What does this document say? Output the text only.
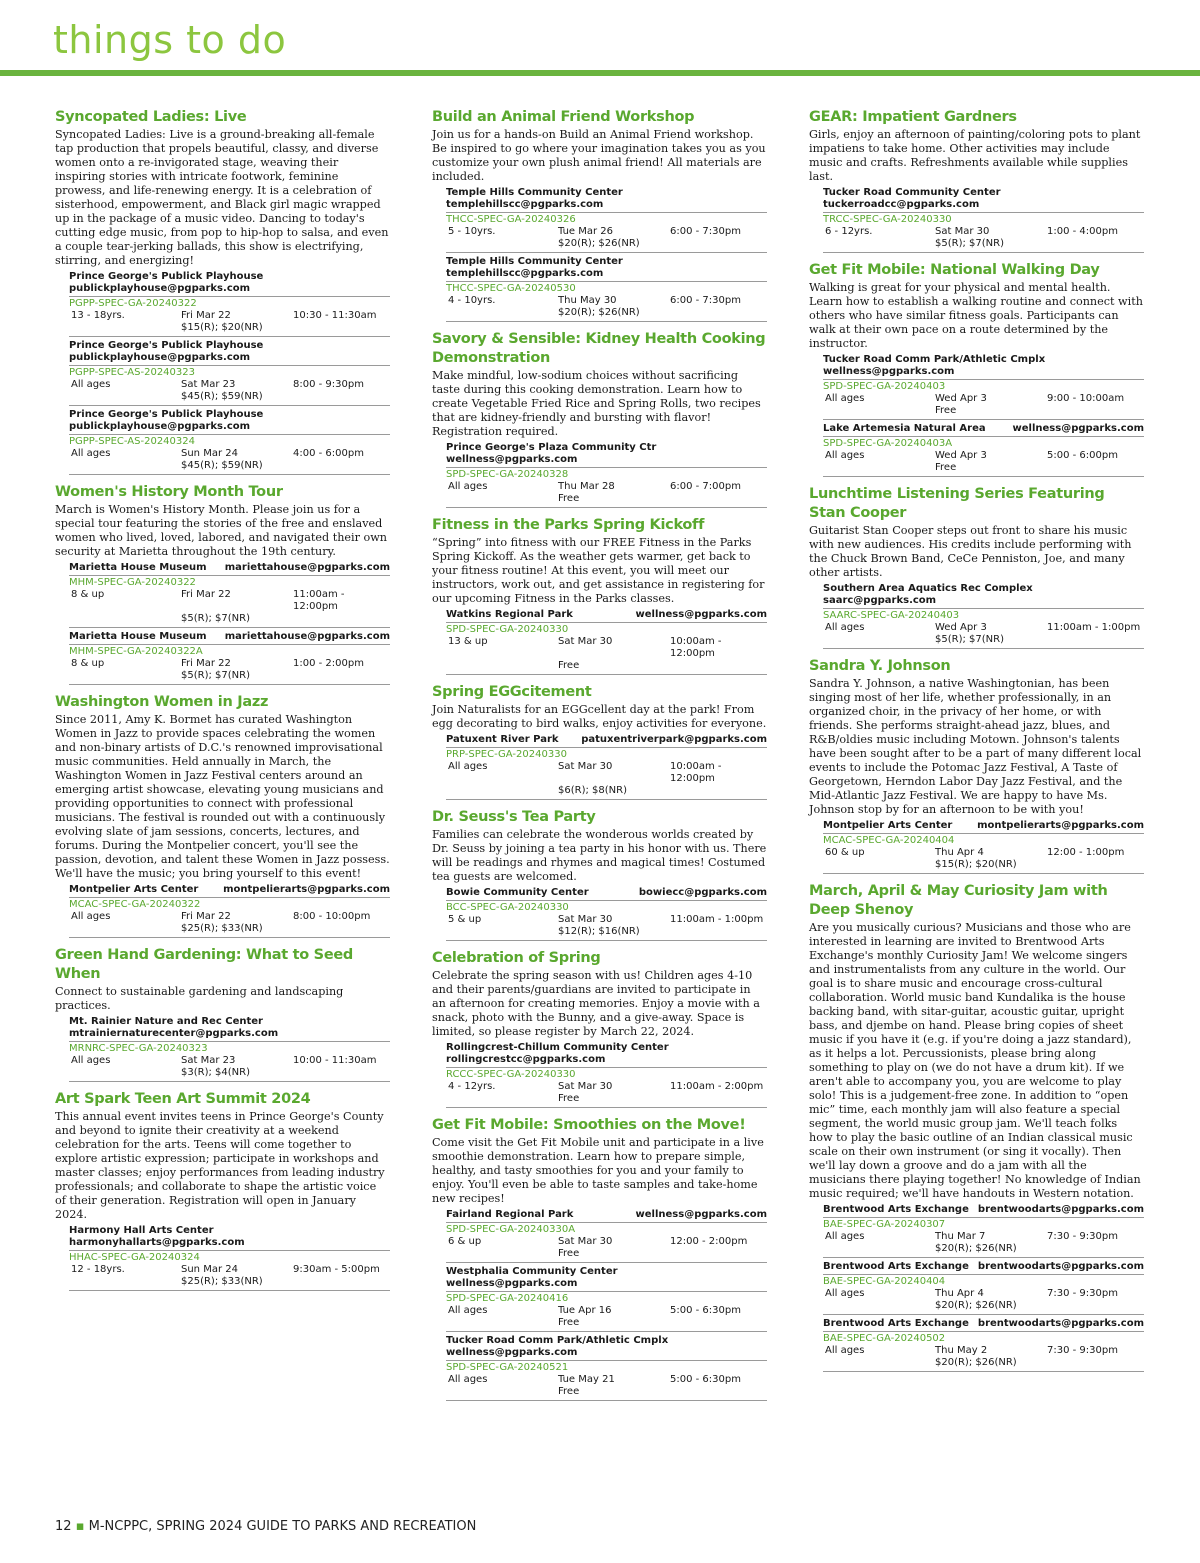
things to do
Syncopated Ladies: Live
Syncopated Ladies: Live is a ground-breaking all-female tap production that propels beautiful, classy, and diverse women onto a re-invigorated stage, weaving their inspiring stories with intricate footwork, feminine prowess, and life-renewing energy. It is a celebration of sisterhood, empowerment, and Black girl magic wrapped up in the package of a music video. Dancing to today's cutting edge music, from pop to hip-hop to salsa, and even a couple tear-jerking ballads, this show is electrifying, stirring, and energizing!
Prince George's Publick Playhouse
publickplayhouse@pgparks.com
PGPP-SPEC-GA-20240322
13 - 18yrs.	Fri Mar 22	10:30 - 11:30am
$15(R); $20(NR)
Prince George's Publick Playhouse
publickplayhouse@pgparks.com
PGPP-SPEC-AS-20240323
All ages	Sat Mar 23	8:00 - 9:30pm
$45(R); $59(NR)
Prince George's Publick Playhouse
publickplayhouse@pgparks.com
PGPP-SPEC-AS-20240324
All ages	Sun Mar 24	4:00 - 6:00pm
$45(R); $59(NR)
Women's History Month Tour
March is Women's History Month. Please join us for a special tour featuring the stories of the free and enslaved women who lived, loved, labored, and navigated their own security at Marietta throughout the 19th century.
Marietta House Museum mariettahouse@pgparks.com
MHM-SPEC-GA-20240322
8 & up	Fri Mar 22	11:00am - 12:00pm
$5(R); $7(NR)
Marietta House Museum mariettahouse@pgparks.com
MHM-SPEC-GA-20240322A
8 & up	Fri Mar 22	1:00 - 2:00pm
$5(R); $7(NR)
Washington Women in Jazz
Since 2011, Amy K. Bormet has curated Washington Women in Jazz to provide spaces celebrating the women and non-binary artists of D.C.'s renowned improvisational music communities. Held annually in March, the Washington Women in Jazz Festival centers around an emerging artist showcase, elevating young musicians and providing opportunities to connect with professional musicians. The festival is rounded out with a continuously evolving slate of jam sessions, concerts, lectures, and forums. During the Montpelier concert, you'll see the passion, devotion, and talent these Women in Jazz possess. We'll have the music; you bring yourself to this event!
Montpelier Arts Center montpelierarts@pgparks.com
MCAC-SPEC-GA-20240322
All ages	Fri Mar 22	8:00 - 10:00pm
$25(R); $33(NR)
Green Hand Gardening: What to Seed When
Connect to sustainable gardening and landscaping practices.
Mt. Rainier Nature and Rec Center
mtrainiernaturecenter@pgparks.com
MRNRC-SPEC-GA-20240323
All ages	Sat Mar 23	10:00 - 11:30am
$3(R); $4(NR)
Art Spark Teen Art Summit 2024
This annual event invites teens in Prince George's County and beyond to ignite their creativity at a weekend celebration for the arts. Teens will come together to explore artistic expression; participate in workshops and master classes; enjoy performances from leading industry professionals; and collaborate to shape the artistic voice of their generation. Registration will open in January 2024.
Harmony Hall Arts Center
harmonyhallarts@pgparks.com
HHAC-SPEC-GA-20240324
12 - 18yrs.	Sun Mar 24	9:30am - 5:00pm
$25(R); $33(NR)
Build an Animal Friend Workshop
Join us for a hands-on Build an Animal Friend workshop. Be inspired to go where your imagination takes you as you customize your own plush animal friend! All materials are included.
Temple Hills Community Center
templehillscc@pgparks.com
THCC-SPEC-GA-20240326
5 - 10yrs.	Tue Mar 26	6:00 - 7:30pm
$20(R); $26(NR)
Temple Hills Community Center
templehillscc@pgparks.com
THCC-SPEC-GA-20240530
4 - 10yrs.	Thu May 30	6:00 - 7:30pm
$20(R); $26(NR)
Savory & Sensible: Kidney Health Cooking Demonstration
Make mindful, low-sodium choices without sacrificing taste during this cooking demonstration. Learn how to create Vegetable Fried Rice and Spring Rolls, two recipes that are kidney-friendly and bursting with flavor! Registration required.
Prince George's Plaza Community Ctr
wellness@pgparks.com
SPD-SPEC-GA-20240328
All ages	Thu Mar 28	6:00 - 7:00pm
Free
Fitness in the Parks Spring Kickoff
“Spring” into fitness with our FREE Fitness in the Parks Spring Kickoff. As the weather gets warmer, get back to your fitness routine! At this event, you will meet our instructors, work out, and get assistance in registering for our upcoming Fitness in the Parks classes.
Watkins Regional Park	wellness@pgparks.com
SPD-SPEC-GA-20240330
13 & up	Sat Mar 30	10:00am - 12:00pm
Free
Spring EGGcitement
Join Naturalists for an EGGcellent day at the park! From egg decorating to bird walks, enjoy activities for everyone.
Patuxent River Park patuxentriverpark@pgparks.com
PRP-SPEC-GA-20240330
All ages	Sat Mar 30	10:00am - 12:00pm
$6(R); $8(NR)
Dr. Seuss's Tea Party
Families can celebrate the wonderous worlds created by Dr. Seuss by joining a tea party in his honor with us. There will be readings and rhymes and magical times! Costumed tea guests are welcomed.
Bowie Community Center	bowiecc@pgparks.com
BCC-SPEC-GA-20240330
5 & up	Sat Mar 30	11:00am - 1:00pm
$12(R); $16(NR)
Celebration of Spring
Celebrate the spring season with us! Children ages 4-10 and their parents/guardians are invited to participate in an afternoon for creating memories. Enjoy a movie with a snack, photo with the Bunny, and a give-away. Space is limited, so please register by March 22, 2024.
Rollingcrest-Chillum Community Center
rollingcrestcc@pgparks.com
RCCC-SPEC-GA-20240330
4 - 12yrs.	Sat Mar 30	11:00am - 2:00pm
Free
Get Fit Mobile: Smoothies on the Move!
Come visit the Get Fit Mobile unit and participate in a live smoothie demonstration. Learn how to prepare simple, healthy, and tasty smoothies for you and your family to enjoy. You'll even be able to taste samples and take-home new recipes!
Fairland Regional Park	wellness@pgparks.com
SPD-SPEC-GA-20240330A
6 & up	Sat Mar 30	12:00 - 2:00pm
Free
Westphalia Community Center
wellness@pgparks.com
SPD-SPEC-GA-20240416
All ages	Tue Apr 16	5:00 - 6:30pm
Free
Tucker Road Comm Park/Athletic Cmplx
wellness@pgparks.com
SPD-SPEC-GA-20240521
All ages	Tue May 21	5:00 - 6:30pm
Free
GEAR: Impatient Gardners
Girls, enjoy an afternoon of painting/coloring pots to plant impatiens to take home. Other activities may include music and crafts. Refreshments available while supplies last.
Tucker Road Community Center
tuckerroadcc@pgparks.com
TRCC-SPEC-GA-20240330
6 - 12yrs.	Sat Mar 30	1:00 - 4:00pm
$5(R); $7(NR)
Get Fit Mobile: National Walking Day
Walking is great for your physical and mental health. Learn how to establish a walking routine and connect with others who have similar fitness goals. Participants can walk at their own pace on a route determined by the instructor.
Tucker Road Comm Park/Athletic Cmplx
wellness@pgparks.com
SPD-SPEC-GA-20240403
All ages	Wed Apr 3	9:00 - 10:00am
Free
Lake Artemesia Natural Area	wellness@pgparks.com
SPD-SPEC-GA-20240403A
All ages	Wed Apr 3	5:00 - 6:00pm
Free
Lunchtime Listening Series Featuring Stan Cooper
Guitarist Stan Cooper steps out front to share his music with new audiences. His credits include performing with the Chuck Brown Band, CeCe Penniston, Joe, and many other artists.
Southern Area Aquatics Rec Complex
saarc@pgparks.com
SAARC-SPEC-GA-20240403
All ages	Wed Apr 3	11:00am - 1:00pm
$5(R); $7(NR)
Sandra Y. Johnson
Sandra Y. Johnson, a native Washingtonian, has been singing most of her life, whether professionally, in an organized choir, in the privacy of her home, or with friends. She performs straight-ahead jazz, blues, and R&B/oldies music including Motown. Johnson's talents have been sought after to be a part of many different local events to include the Potomac Jazz Festival, A Taste of Georgetown, Herndon Labor Day Jazz Festival, and the Mid-Atlantic Jazz Festival. We are happy to have Ms. Johnson stop by for an afternoon to be with you!
Montpelier Arts Center montpelierarts@pgparks.com
MCAC-SPEC-GA-20240404
60 & up	Thu Apr 4	12:00 - 1:00pm
$15(R); $20(NR)
March, April & May Curiosity Jam with Deep Shenoy
Are you musically curious? Musicians and those who are interested in learning are invited to Brentwood Arts Exchange's monthly Curiosity Jam! We welcome singers and instrumentalists from any culture in the world. Our goal is to share music and encourage cross-cultural collaboration. World music band Kundalika is the house backing band, with sitar-guitar, acoustic guitar, upright bass, and djembe on hand. Please bring copies of sheet music if you have it (e.g. if you're doing a jazz standard), as it helps a lot. Percussionists, please bring along something to play on (we do not have a drum kit). If we aren't able to accompany you, you are welcome to play solo! This is a judgement-free zone. In addition to “open mic” time, each monthly jam will also feature a special segment, the world music group jam. We'll teach folks how to play the basic outline of an Indian classical music scale on their own instrument (or sing it vocally). Then we'll lay down a groove and do a jam with all the musicians there playing together! No knowledge of Indian music required; we'll have handouts in Western notation.
Brentwood Arts Exchange brentwoodarts@pgparks.com
BAE-SPEC-GA-20240307
All ages	Thu Mar 7	7:30 - 9:30pm
$20(R); $26(NR)
Brentwood Arts Exchange brentwoodarts@pgparks.com
BAE-SPEC-GA-20240404
All ages	Thu Apr 4	7:30 - 9:30pm
$20(R); $26(NR)
Brentwood Arts Exchange brentwoodarts@pgparks.com
BAE-SPEC-GA-20240502
All ages	Thu May 2	7:30 - 9:30pm
$20(R); $26(NR)
12 ▪ M-NCPPC, SPRING 2024 GUIDE TO PARKS AND RECREATION
